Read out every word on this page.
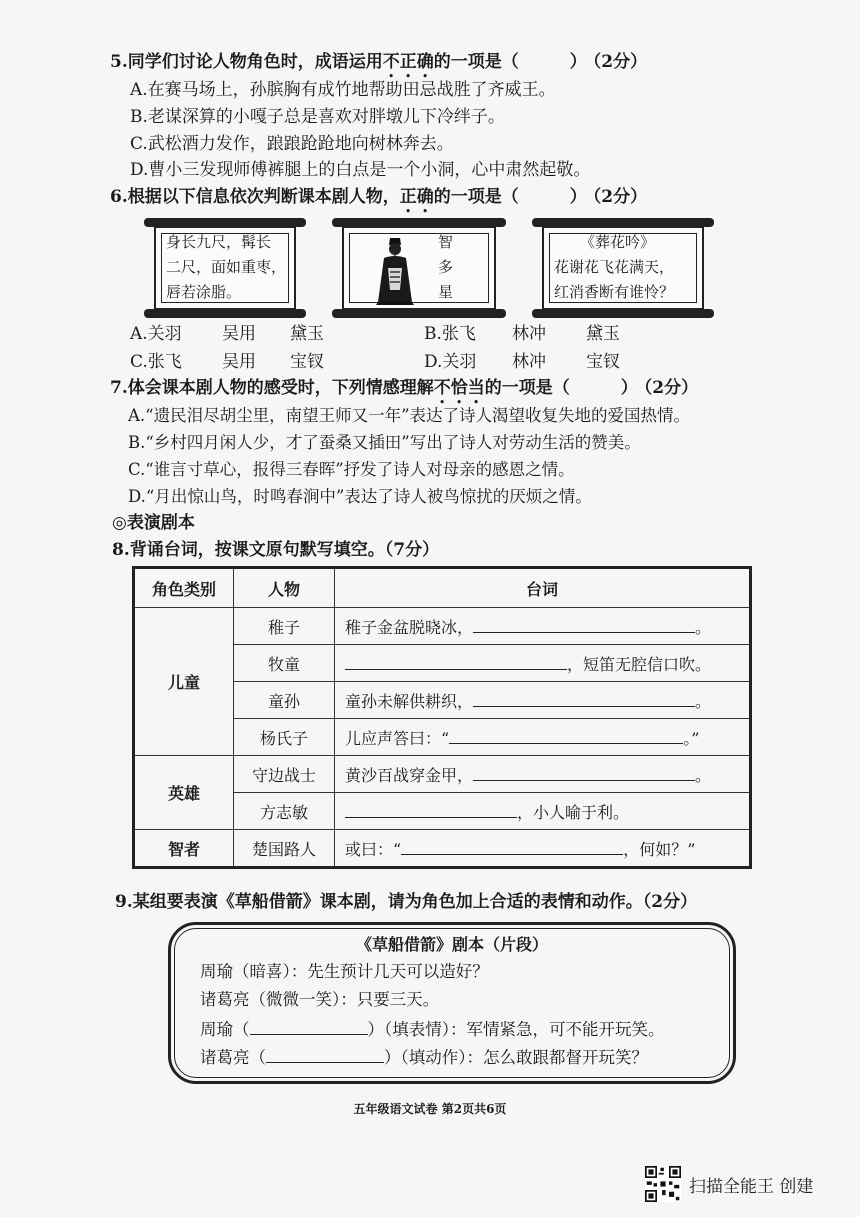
5.同学们讨论人物角色时，成语运用不正确的一项是（　　　） （2分）
A.在赛马场上，孙膑胸有成竹地帮助田忌战胜了齐威王。
B.老谋深算的小嘎子总是喜欢对胖墩儿下冷绊子。
C.武松酒力发作，踉踉跄跄地向树林奔去。
D.曹小三发现师傅裤腿上的白点是一个小洞，心中肃然起敬。
6.根据以下信息依次判断课本剧人物，正确的一项是（　　　） （2分）
身长九尺，髯长
二尺，面如重枣，
唇若涂脂。
智
多
星
《葬花吟》
花谢花飞花满天，
红消香断有谁怜？
A.关羽 吴用 黛玉	B.张飞 林冲 黛玉
C.张飞 吴用 宝钗	D.关羽 林冲 宝钗
7.体会课本剧人物的感受时，下列情感理解不恰当的一项是（　　　） （2分）
A.“遗民泪尽胡尘里，南望王师又一年”表达了诗人渴望收复失地的爱国热情。
B.“乡村四月闲人少，才了蚕桑又插田”写出了诗人对劳动生活的赞美。
C.“谁言寸草心，报得三春晖”抒发了诗人对母亲的感恩之情。
D.“月出惊山鸟，时鸣春涧中”表达了诗人被鸟惊扰的厌烦之情。
◎表演剧本
8.背诵台词，按课文原句默写填空。（7分）
角色类别	人物	台词
儿童	稚子	稚子金盆脱晓冰， 。
	牧童	，短笛无腔信口吹。
	童孙	童孙未解供耕织， 。
	杨氏子	儿应声答曰：“ 。”
英雄	守边战士	黄沙百战穿金甲， 。
	方志敏	，小人喻于利。
智者	楚国路人	或曰：“ ，何如？”
9.某组要表演《草船借箭》课本剧，请为角色加上合适的表情和动作。（2分）
《草船借箭》剧本（片段）
周瑜（暗喜）：先生预计几天可以造好？
诸葛亮（微微一笑）：只要三天。
周瑜（	）（填表情）：军情紧急，可不能开玩笑。
诸葛亮（	）（填动作）：怎么敢跟都督开玩笑？
五年级语文试卷 第2页共6页
扫描全能王 创建
